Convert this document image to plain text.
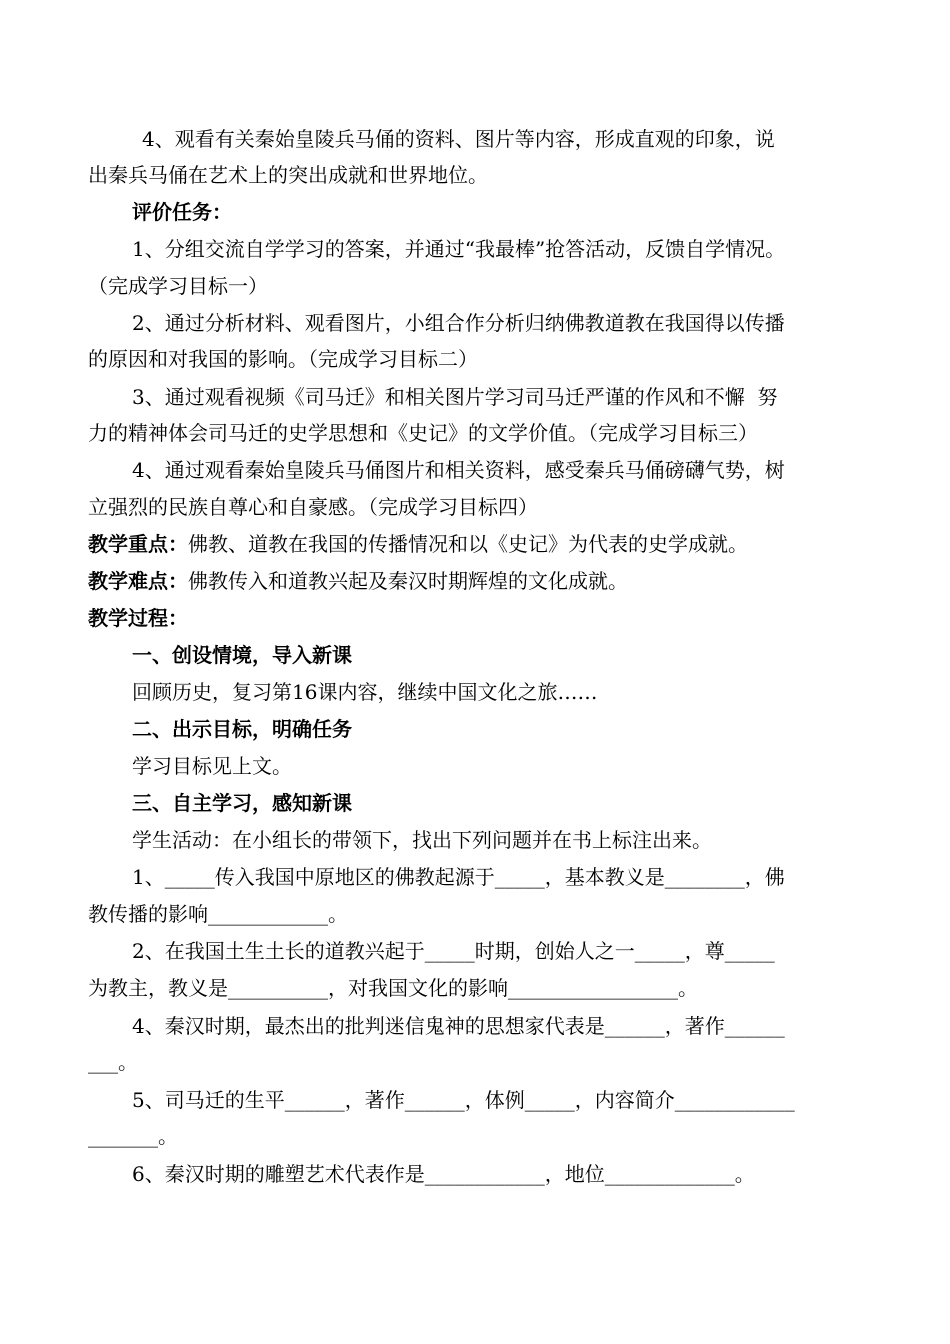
4、观看有关秦始皇陵兵马俑的资料、图片等内容，形成直观的印象，说
出秦兵马俑在艺术上的突出成就和世界地位。
评价任务：
1、分组交流自学学习的答案，并通过“我最棒”抢答活动，反馈自学情况。
（完成学习目标一）
2、通过分析材料、观看图片，小组合作分析归纳佛教道教在我国得以传播
的原因和对我国的影响。（完成学习目标二）
3、通过观看视频《司马迁》和相关图片学习司马迁严谨的作风和不懈  努
力的精神体会司马迁的史学思想和《史记》的文学价值。（完成学习目标三）
4、通过观看秦始皇陵兵马俑图片和相关资料，感受秦兵马俑磅礴气势，树
立强烈的民族自尊心和自豪感。（完成学习目标四）
教学重点：佛教、道教在我国的传播情况和以《史记》为代表的史学成就。
教学难点：佛教传入和道教兴起及秦汉时期辉煌的文化成就。
教学过程：
一、创设情境，导入新课
回顾历史，复习第16课内容，继续中国文化之旅……
二、出示目标，明确任务
学习目标见上文。
三、自主学习，感知新课
学生活动：在小组长的带领下，找出下列问题并在书上标注出来。
1、_____传入我国中原地区的佛教起源于_____，基本教义是________，佛
教传播的影响____________。
2、在我国土生土长的道教兴起于_____时期，创始人之一_____，尊_____
为教主，教义是__________，对我国文化的影响_________________。
4、秦汉时期，最杰出的批判迷信鬼神的思想家代表是______，著作______
___。
5、司马迁的生平______，著作______，体例_____，内容简介____________
_______。
6、秦汉时期的雕塑艺术代表作是____________，地位_____________。
